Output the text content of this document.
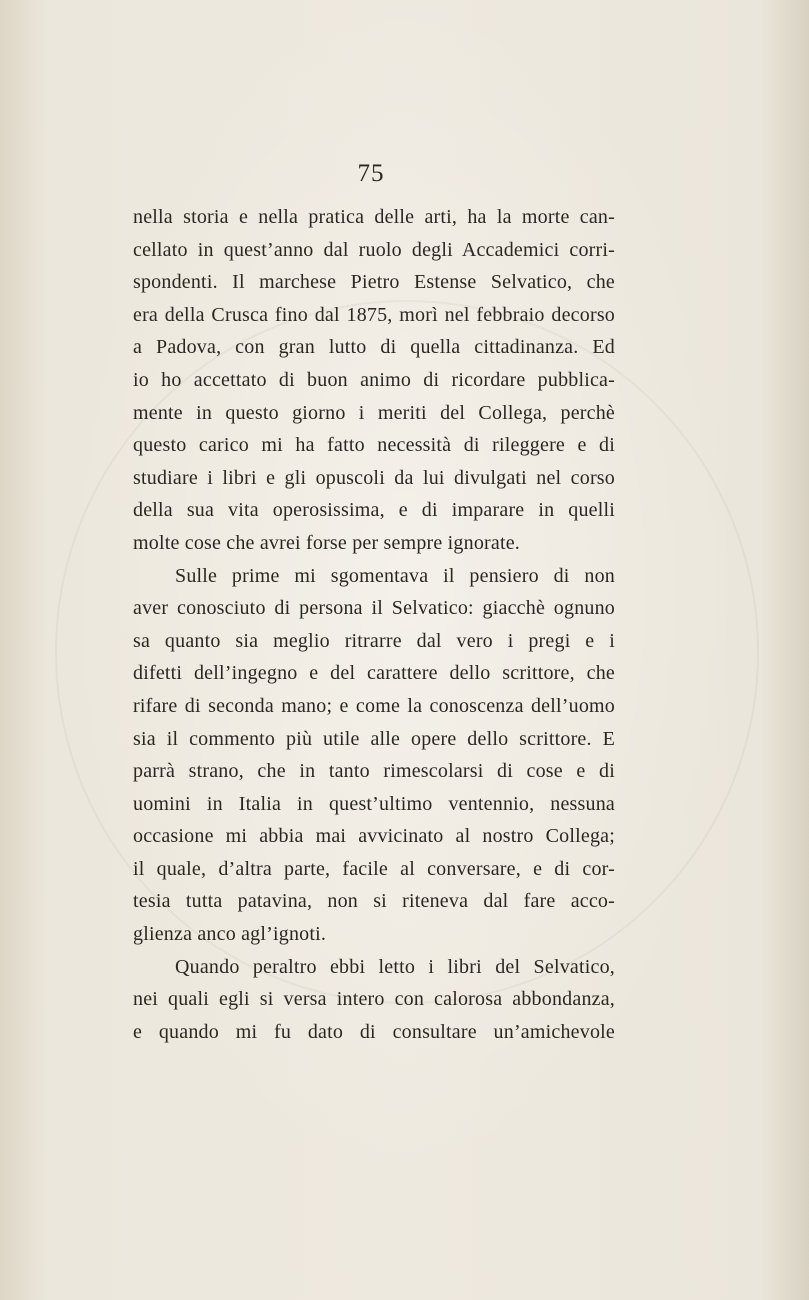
75
nella storia e nella pratica delle arti, ha la morte can-
cellato in quest’anno dal ruolo degli Accademici corri-
spondenti. Il marchese Pietro Estense Selvatico, che
era della Crusca fino dal 1875, morì nel febbraio decorso
a Padova, con gran lutto di quella cittadinanza. Ed
io ho accettato di buon animo di ricordare pubblica-
mente in questo giorno i meriti del Collega, perchè
questo carico mi ha fatto necessità di rileggere e di
studiare i libri e gli opuscoli da lui divulgati nel corso
della sua vita operosissima, e di imparare in quelli
molte cose che avrei forse per sempre ignorate.
Sulle prime mi sgomentava il pensiero di non
aver conosciuto di persona il Selvatico: giacchè ognuno
sa quanto sia meglio ritrarre dal vero i pregi e i
difetti dell’ingegno e del carattere dello scrittore, che
rifare di seconda mano; e come la conoscenza dell’uomo
sia il commento più utile alle opere dello scrittore. E
parrà strano, che in tanto rimescolarsi di cose e di
uomini in Italia in quest’ultimo ventennio, nessuna
occasione mi abbia mai avvicinato al nostro Collega;
il quale, d’altra parte, facile al conversare, e di cor-
tesia tutta patavina, non si riteneva dal fare acco-
glienza anco agl’ignoti.
Quando peraltro ebbi letto i libri del Selvatico,
nei quali egli si versa intero con calorosa abbondanza,
e quando mi fu dato di consultare un’amichevole
